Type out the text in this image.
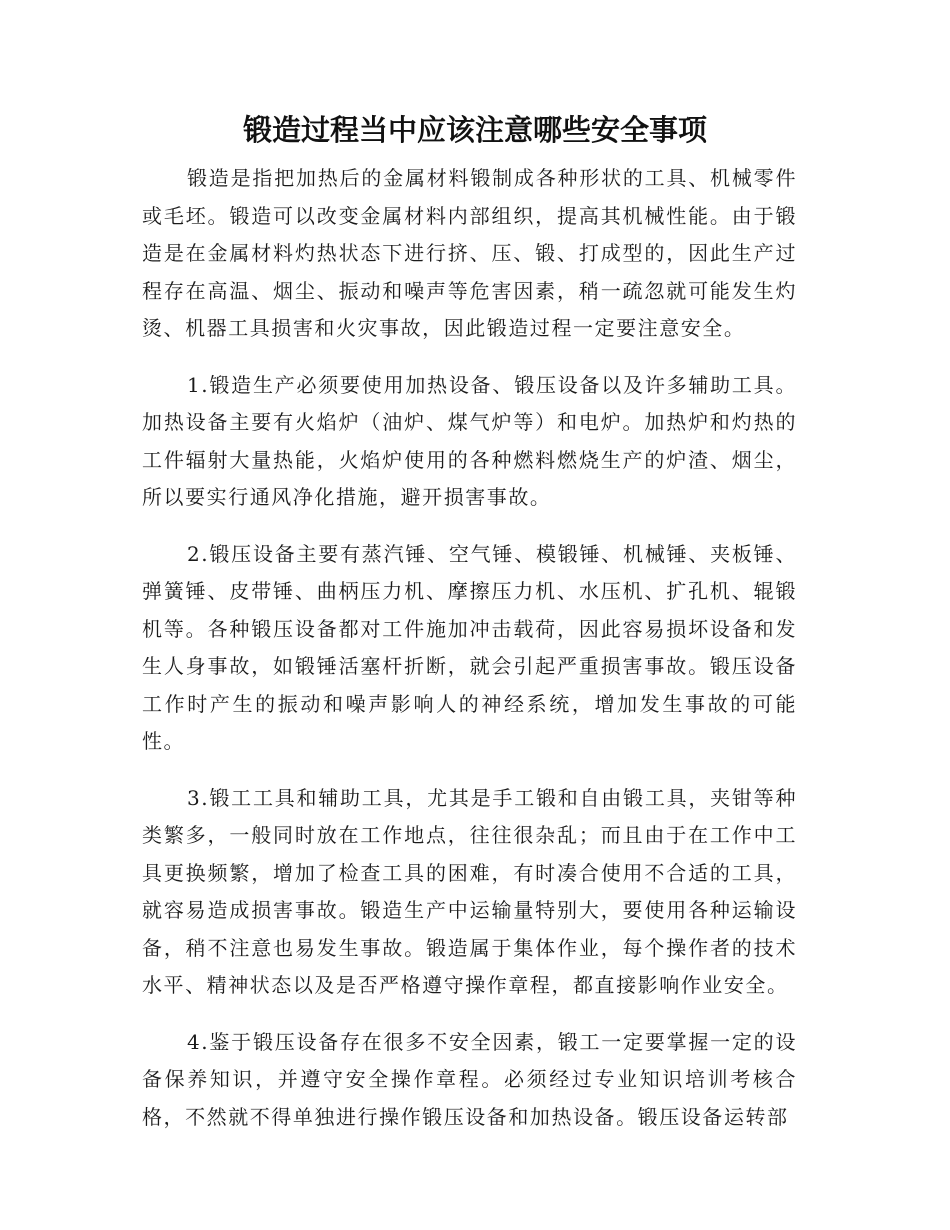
锻造过程当中应该注意哪些安全事项

锻造是指把加热后的金属材料锻制成各种形状的工具、机械零件或毛坯。锻造可以改变金属材料内部组织，提高其机械性能。由于锻造是在金属材料灼热状态下进行挤、压、锻、打成型的，因此生产过程存在高温、烟尘、振动和噪声等危害因素，稍一疏忽就可能发生灼烫、机器工具损害和火灾事故，因此锻造过程一定要注意安全。

1.锻造生产必须要使用加热设备、锻压设备以及许多辅助工具。加热设备主要有火焰炉（油炉、煤气炉等）和电炉。加热炉和灼热的工件辐射大量热能，火焰炉使用的各种燃料燃烧生产的炉渣、烟尘，所以要实行通风净化措施，避开损害事故。

2.锻压设备主要有蒸汽锤、空气锤、模锻锤、机械锤、夹板锤、弹簧锤、皮带锤、曲柄压力机、摩擦压力机、水压机、扩孔机、辊锻机等。各种锻压设备都对工件施加冲击载荷，因此容易损坏设备和发生人身事故，如锻锤活塞杆折断，就会引起严重损害事故。锻压设备工作时产生的振动和噪声影响人的神经系统，增加发生事故的可能性。

3.锻工工具和辅助工具，尤其是手工锻和自由锻工具，夹钳等种类繁多，一般同时放在工作地点，往往很杂乱；而且由于在工作中工具更换频繁，增加了检查工具的困难，有时凑合使用不合适的工具，就容易造成损害事故。锻造生产中运输量特别大，要使用各种运输设备，稍不注意也易发生事故。锻造属于集体作业，每个操作者的技术水平、精神状态以及是否严格遵守操作章程，都直接影响作业安全。

4.鉴于锻压设备存在很多不安全因素，锻工一定要掌握一定的设备保养知识，并遵守安全操作章程。必须经过专业知识培训考核合格，不然就不得单独进行操作锻压设备和加热设备。锻压设备运转部
